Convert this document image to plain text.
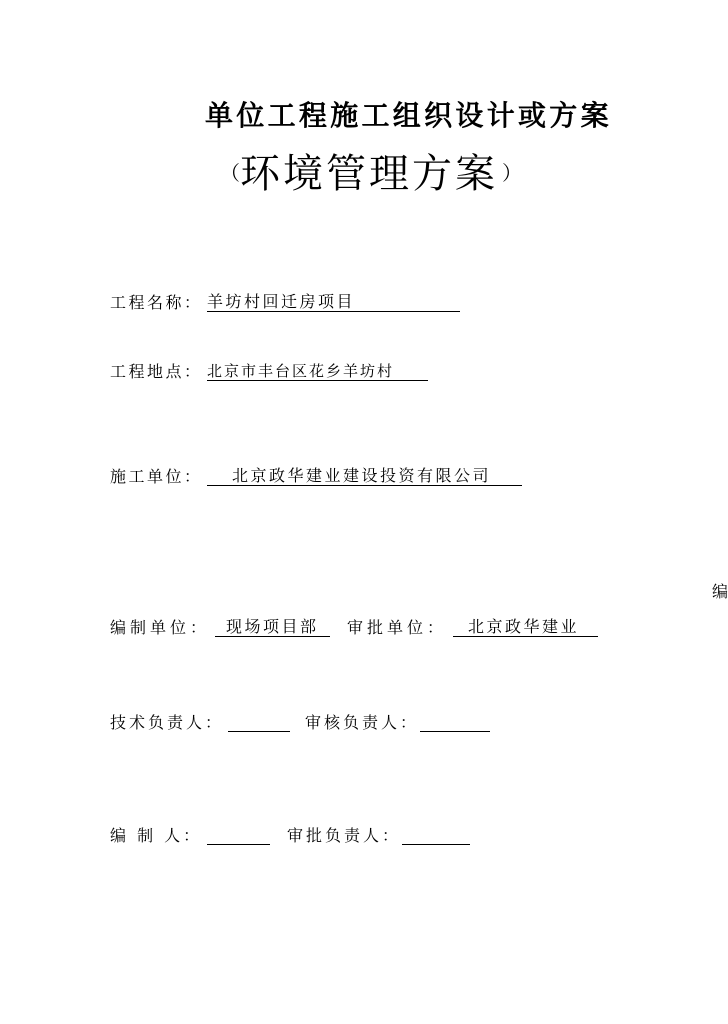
单位工程施工组织设计或方案
（ 环境管理方案 ）
工程名称： 羊坊村回迁房项目
工程地点： 北京市丰台区花乡羊坊村
施工单位：	北京政华建业建设投资有限公司
编
编制单位： 现场项目部	审批单位：	北京政华建业
技术负责人：	审核负责人：
编 制 人：	审批负责人：
